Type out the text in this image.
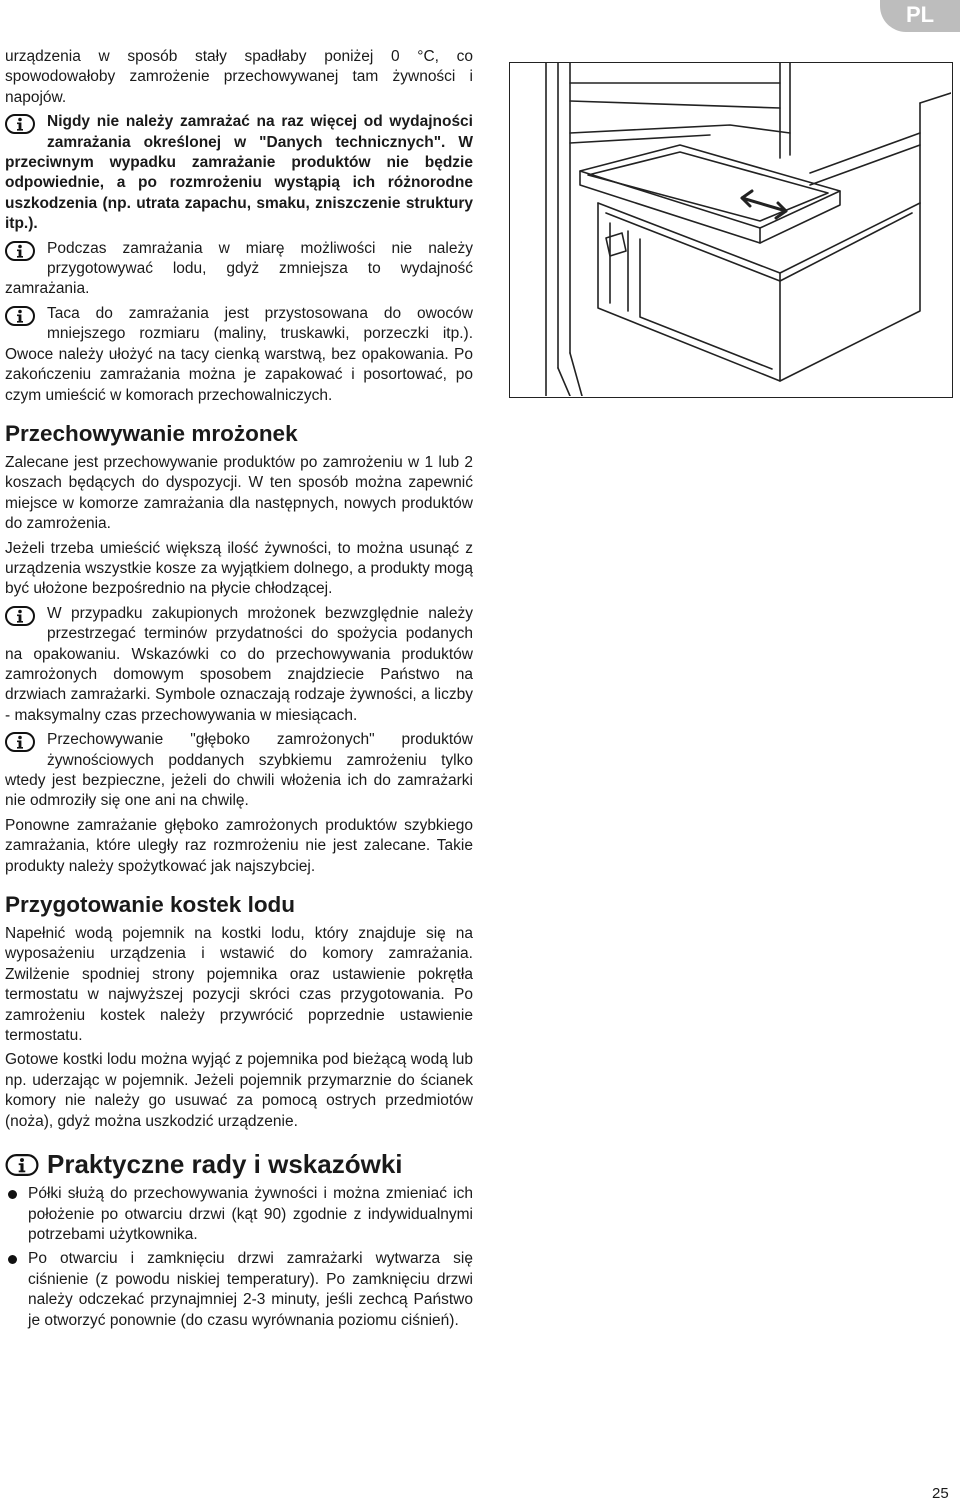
PL

urządzenia w sposób stały spadłaby poniżej 0 °C, co spowodowałoby zamrożenie przechowywanej tam żywności i napojów.

Nigdy nie należy zamrażać na raz więcej od wydajności zamrażania określonej w "Danych technicznych". W przeciwnym wypadku zamrażanie produktów nie będzie odpowiednie, a po rozmrożeniu wystąpią ich różnorodne uszkodzenia (np. utrata zapachu, smaku, zniszczenie struktury itp.).

Podczas zamrażania w miarę możliwości nie należy przygotowywać lodu, gdyż zmniejsza to wydajność zamrażania.

Taca do zamrażania jest przystosowana do owoców mniejszego rozmiaru (maliny, truskawki, porzeczki itp.). Owoce należy ułożyć na tacy cienką warstwą, bez opakowania. Po zakończeniu zamrażania można je zapakować i posortować, po czym umieścić w komorach przechowalniczych.

Przechowywanie mrożonek

Zalecane jest przechowywanie produktów po zamrożeniu w 1 lub 2 koszach będących do dyspozycji. W ten sposób można zapewnić miejsce w komorze zamrażania dla następnych, nowych produktów do zamrożenia.

Jeżeli trzeba umieścić większą ilość żywności, to można usunąć z urządzenia wszystkie kosze za wyjątkiem dolnego, a produkty mogą być ułożone bezpośrednio na płycie chłodzącej.

W przypadku zakupionych mrożonek bezwzględnie należy przestrzegać terminów przydatności do spożycia podanych na opakowaniu. Wskazówki co do przechowywania produktów zamrożonych domowym sposobem znajdziecie Państwo na drzwiach zamrażarki. Symbole oznaczają rodzaje żywności, a liczby - maksymalny czas przechowywania w miesiącach.

Przechowywanie "głęboko zamrożonych" produktów żywnościowych poddanych szybkiemu zamrożeniu tylko wtedy jest bezpieczne, jeżeli do chwili włożenia ich do zamrażarki nie odmroziły się one ani na chwilę.

Ponowne zamrażanie głęboko zamrożonych produktów szybkiego zamrażania, które uległy raz rozmrożeniu nie jest zalecane. Takie produkty należy spożytkować jak najszybciej.

Przygotowanie kostek lodu

Napełnić wodą pojemnik na kostki lodu, który znajduje się na wyposażeniu urządzenia i wstawić do komory zamrażania. Zwilżenie spodniej strony pojemnika oraz ustawienie pokrętła termostatu w najwyższej pozycji skróci czas przygotowania. Po zamrożeniu kostek należy przywrócić poprzednie ustawienie termostatu.

Gotowe kostki lodu można wyjąć z pojemnika pod bieżącą wodą lub np. uderzając w pojemnik. Jeżeli pojemnik przymarznie do ścianek komory nie należy go usuwać za pomocą ostrych przedmiotów (noża), gdyż można uszkodzić urządzenie.

Praktyczne rady i wskazówki
Półki służą do przechowywania żywności i można zmieniać ich położenie po otwarciu drzwi (kąt 90) zgodnie z indywidualnymi potrzebami użytkownika.
Po otwarciu i zamknięciu drzwi zamrażarki wytwarza się ciśnienie (z powodu niskiej temperatury). Po zamknięciu drzwi należy odczekać przynajmniej 2-3 minuty, jeśli zechcą Państwo je otworzyć ponownie (do czasu wyrównania poziomu ciśnień).
25
